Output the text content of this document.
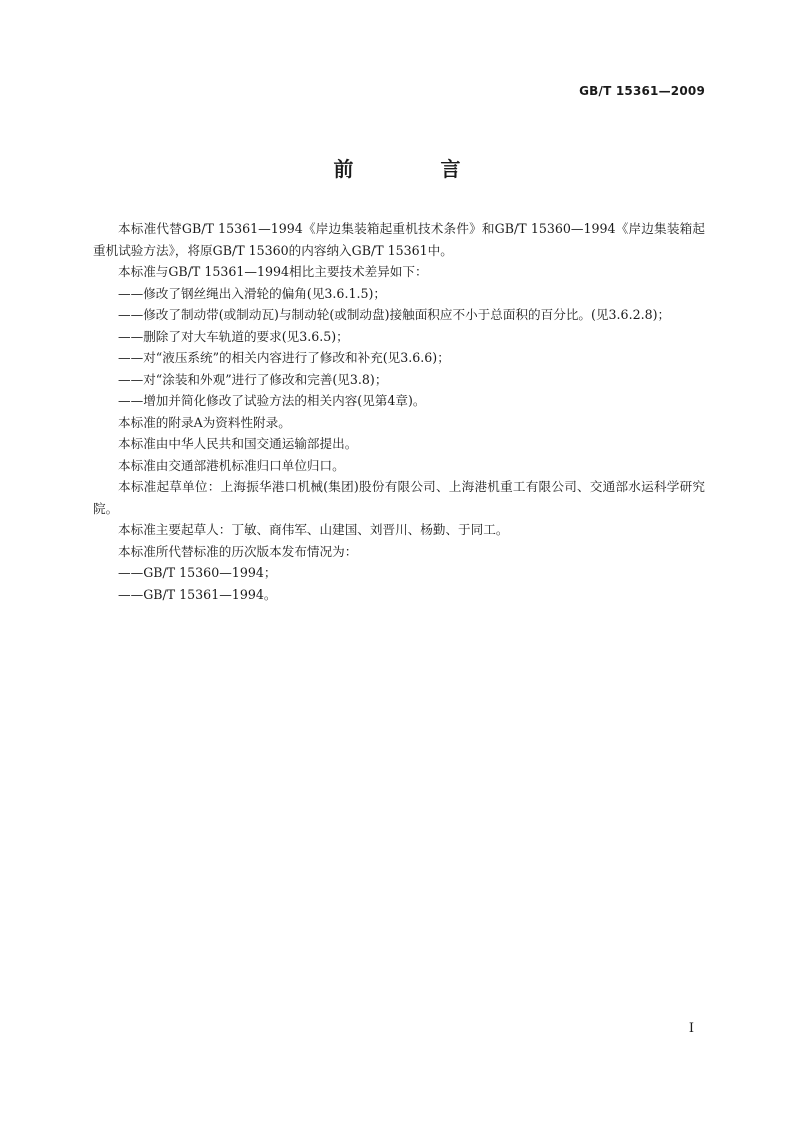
GB/T 15361—2009
前 言

本标准代替GB/T 15361—1994《岸边集装箱起重机技术条件》和GB/T 15360—1994《岸边集装箱起重机试验方法》，将原GB/T 15360的内容纳入GB/T 15361中。

本标准与GB/T 15361—1994相比主要技术差异如下：

——修改了钢丝绳出入滑轮的偏角(见3.6.1.5)；

——修改了制动带(或制动瓦)与制动轮(或制动盘)接触面积应不小于总面积的百分比。(见3.6.2.8)；

——删除了对大车轨道的要求(见3.6.5)；

——对“液压系统”的相关内容进行了修改和补充(见3.6.6)；

——对“涂装和外观”进行了修改和完善(见3.8)；

——增加并简化修改了试验方法的相关内容(见第4章)。

本标准的附录A为资料性附录。

本标准由中华人民共和国交通运输部提出。

本标准由交通部港机标准归口单位归口。

本标准起草单位：上海振华港口机械(集团)股份有限公司、上海港机重工有限公司、交通部水运科学研究院。

本标准主要起草人：丁敏、商伟军、山建国、刘晋川、杨勤、于同工。

本标准所代替标准的历次版本发布情况为：

——GB/T 15360—1994；

——GB/T 15361—1994。

I
